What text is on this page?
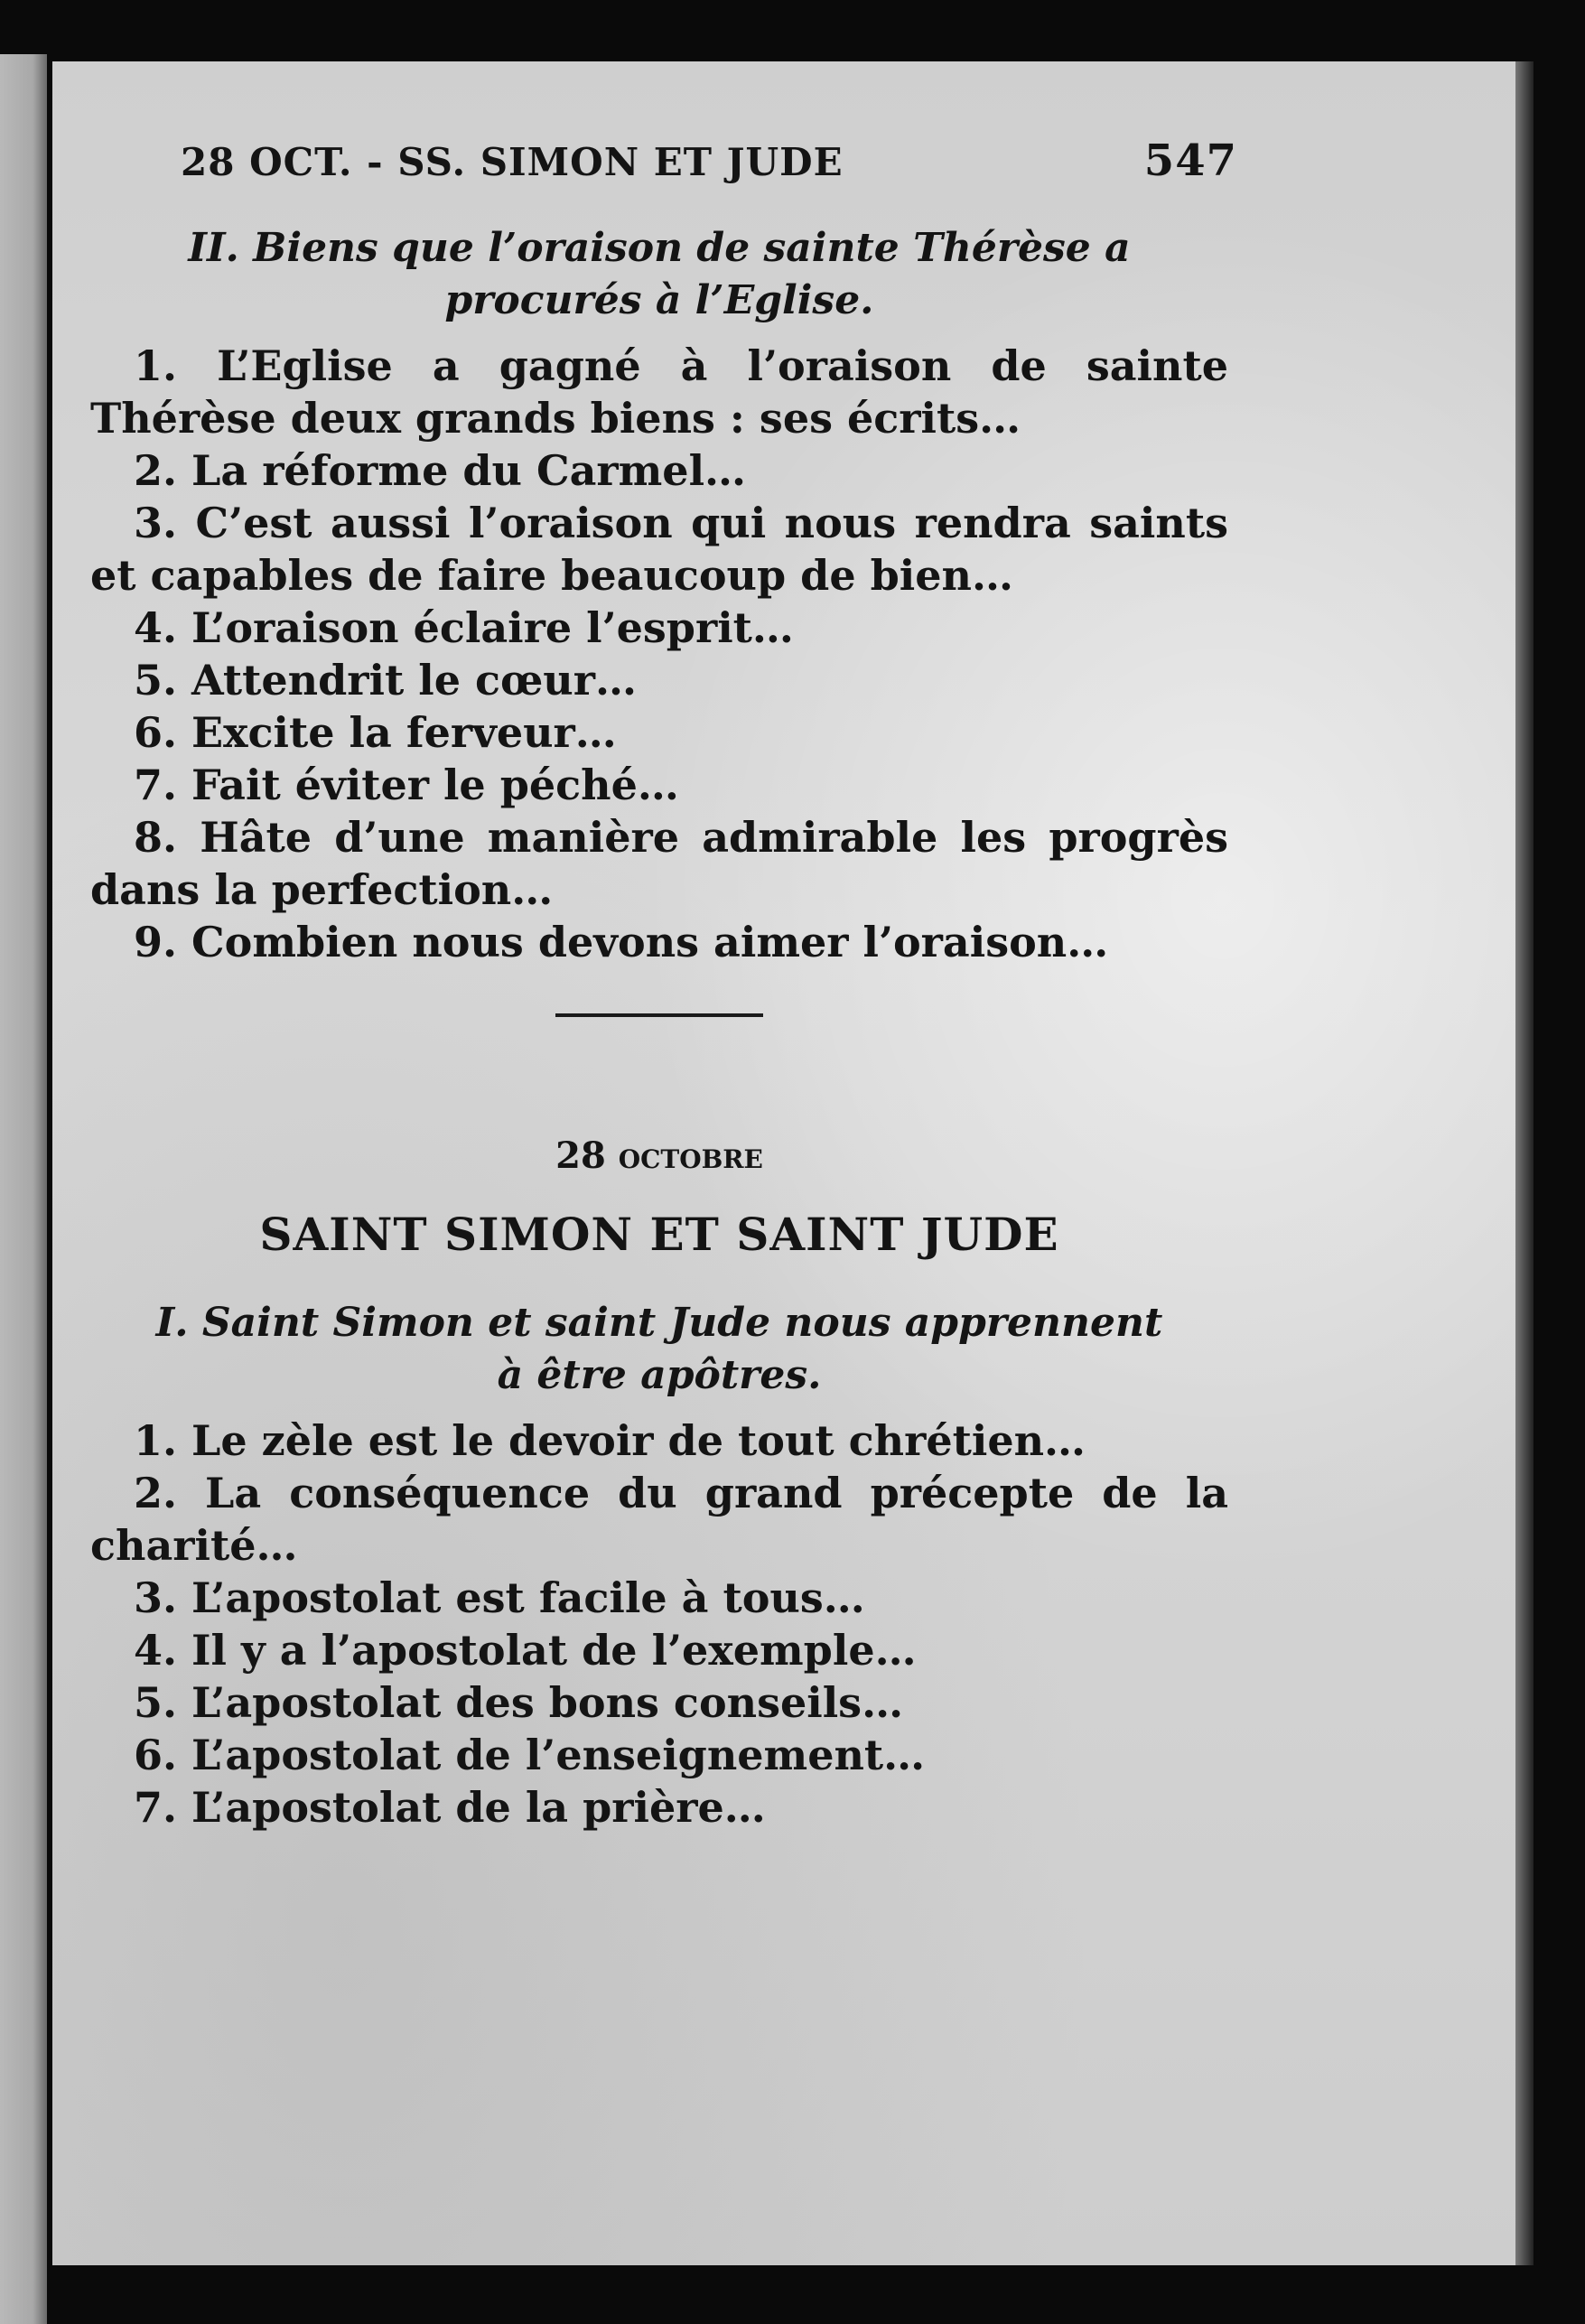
28 OCT. - SS. SIMON ET JUDE	547
II. Biens que l’oraison de sainte Thérèse a procurés à l’Eglise.

1. L’Eglise a gagné à l’oraison de sainte Thérèse deux grands biens : ses écrits…

2. La réforme du Carmel…

3. C’est aussi l’oraison qui nous rendra saints et capables de faire beaucoup de bien…

4. L’oraison éclaire l’esprit…

5. Attendrit le cœur…

6. Excite la ferveur…

7. Fait éviter le péché…

8. Hâte d’une manière admirable les progrès dans la perfection…

9. Combien nous devons aimer l’oraison…

28 octobre
SAINT SIMON ET SAINT JUDE
I. Saint Simon et saint Jude nous apprennent à être apôtres.

1. Le zèle est le devoir de tout chrétien…

2. La conséquence du grand précepte de la charité…

3. L’apostolat est facile à tous…

4. Il y a l’apostolat de l’exemple…

5. L’apostolat des bons conseils…

6. L’apostolat de l’enseignement…

7. L’apostolat de la prière…
